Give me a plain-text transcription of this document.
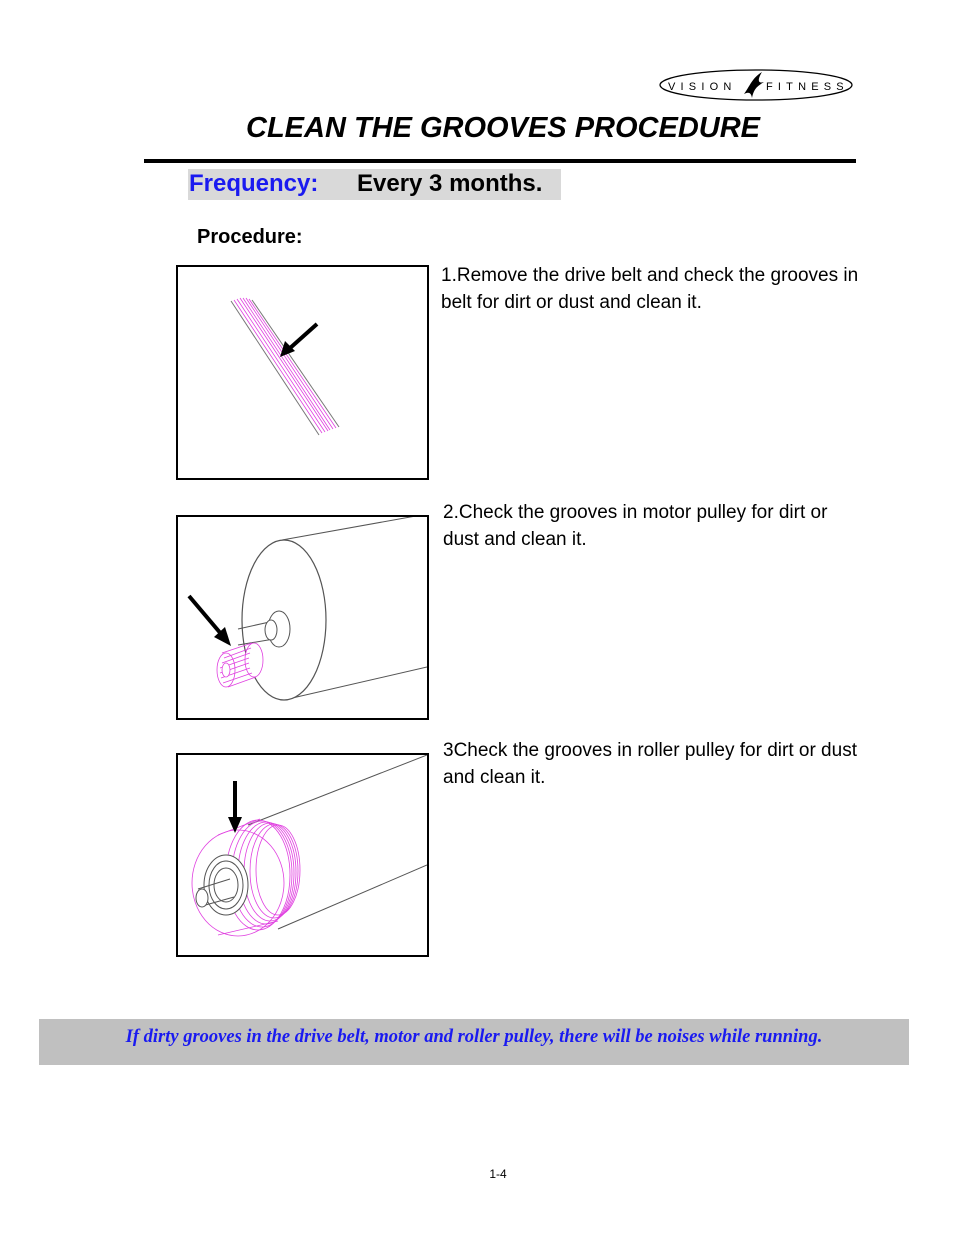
VISION	FITNESS
CLEAN THE GROOVES PROCEDURE
Frequency: Every 3 months.
Procedure:
1.Remove the drive belt and check the grooves in belt for dirt or dust and clean it.
2.Check the grooves in motor pulley for dirt or dust and clean it.
3Check the grooves in roller pulley for dirt or dust and clean it.
If dirty grooves in the drive belt, motor and roller pulley, there will be noises while running.
1-4
